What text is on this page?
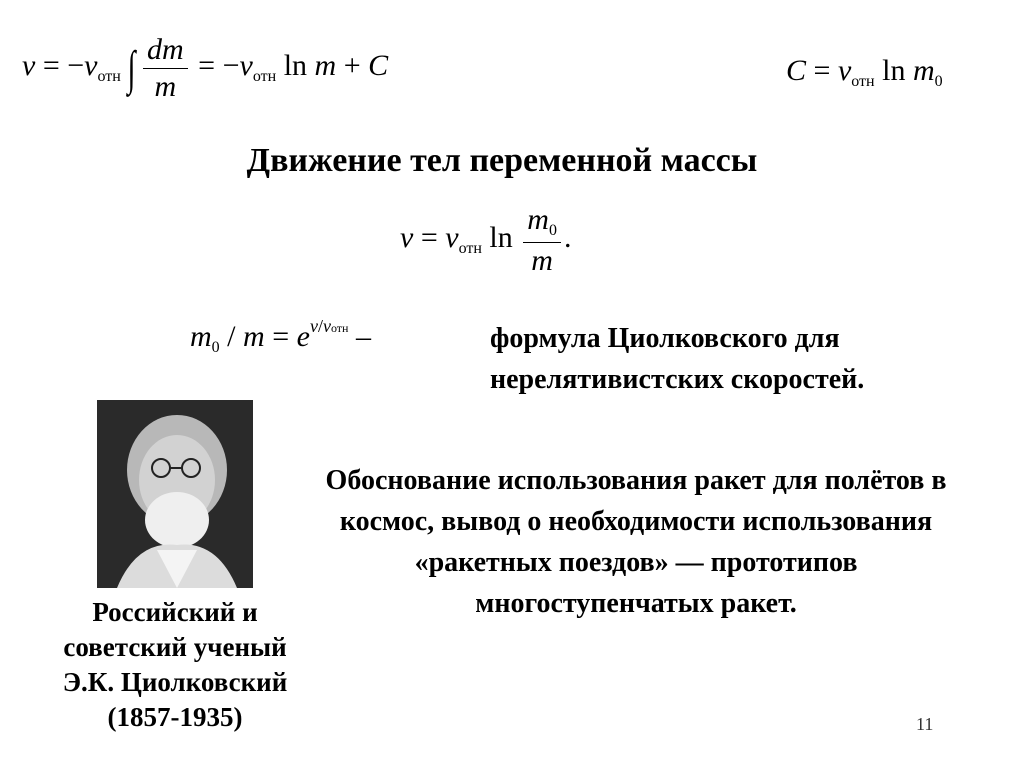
$v = -v_{отн}$ ∫ $\frac{dm}{m} = -v_{отн}$ ln m + C	$C = v_{отн}$ $\ln m_0$
Движение тел переменной массы
$v = v_{отн}$ $\ln \frac{m_0}{m}$ .
$m_0 / m = e^{v/vотн}$ –	формула Циолковского для нерелятивистских скоростей.
Российский и советский ученый Э.К. Циолковский (1857-1935)
Обоснование использования ракет для полётов в космос, вывод о необходимости использования «ракетных поездов» — прототипов многоступенчатых ракет.
11
